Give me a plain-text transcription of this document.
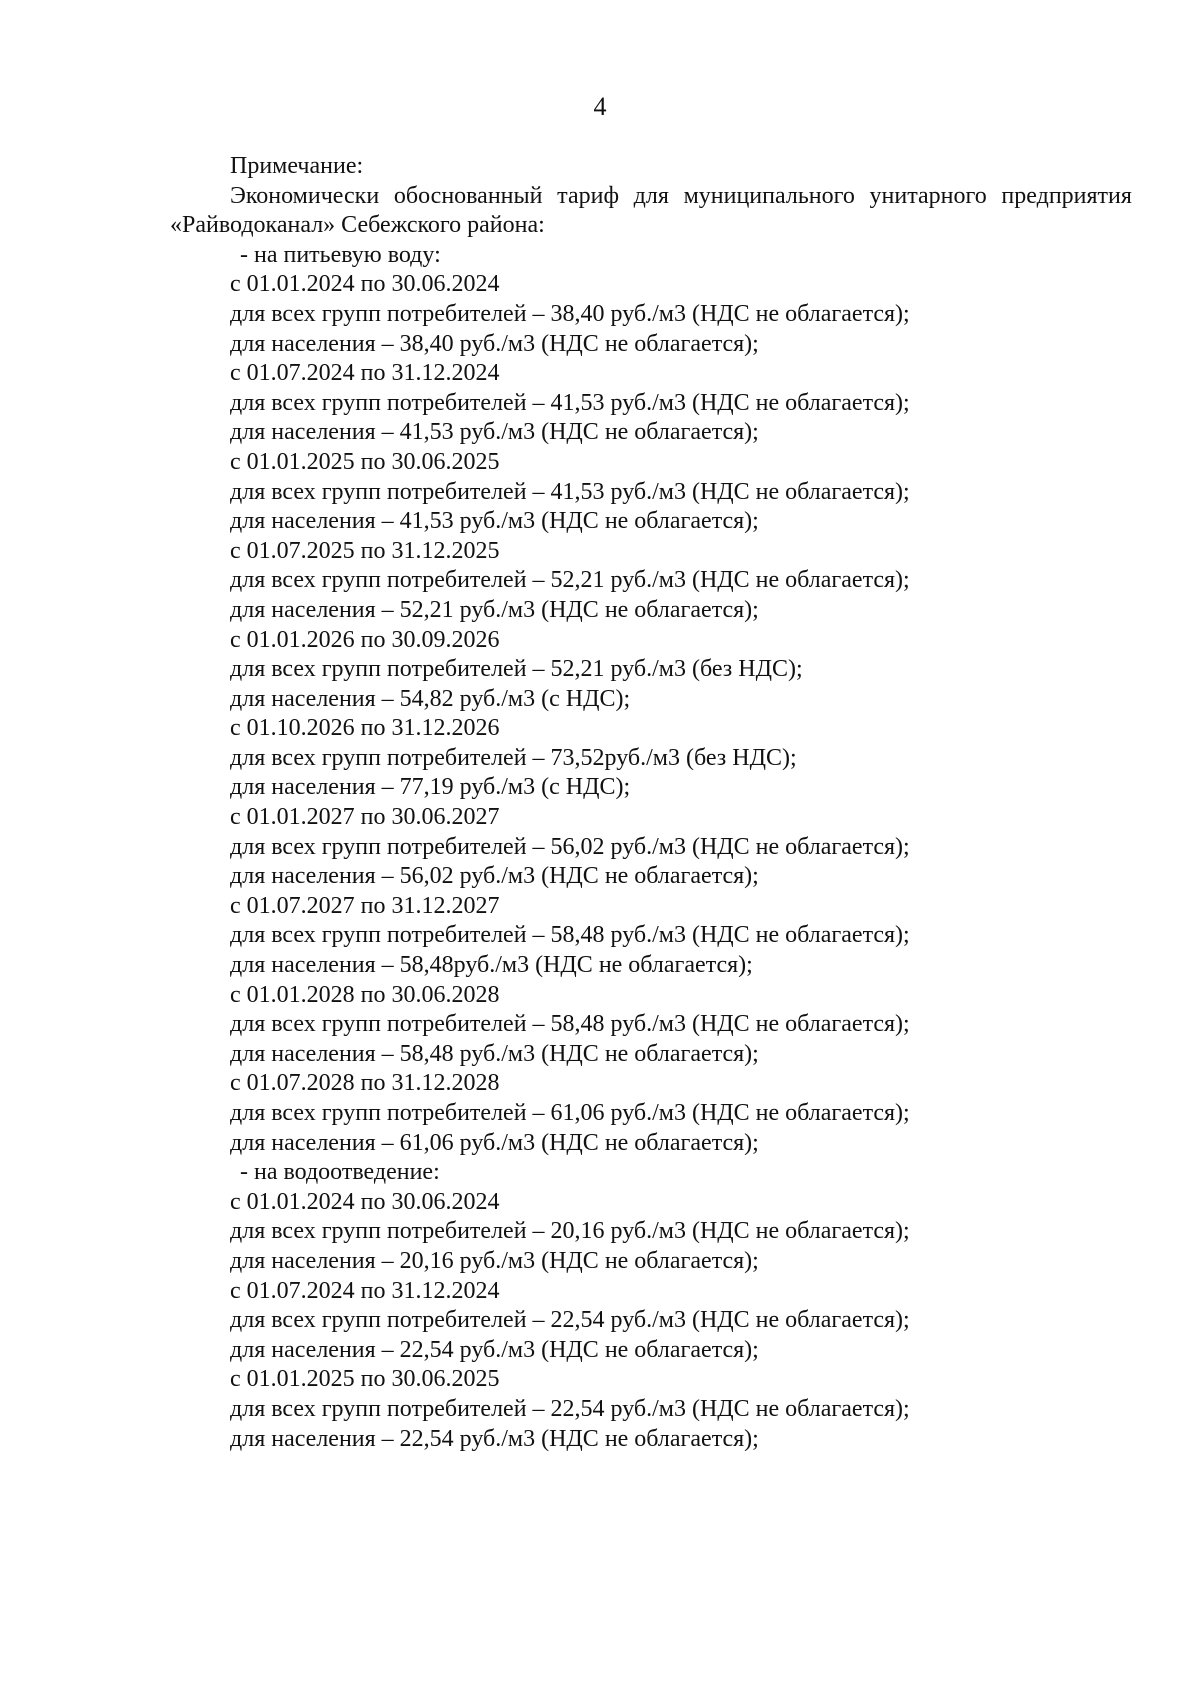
4
Примечание:
Экономически обоснованный тариф для муниципального унитарного предприятия
«Райводоканал» Себежского района:
- на питьевую воду:
с 01.01.2024 по 30.06.2024
для всех групп потребителей – 38,40 руб./м3 (НДС не облагается);
для населения – 38,40 руб./м3 (НДС не облагается);
с 01.07.2024 по 31.12.2024
для всех групп потребителей – 41,53 руб./м3 (НДС не облагается);
для населения – 41,53 руб./м3 (НДС не облагается);
с 01.01.2025 по 30.06.2025
для всех групп потребителей – 41,53 руб./м3 (НДС не облагается);
для населения – 41,53 руб./м3 (НДС не облагается);
с 01.07.2025 по 31.12.2025
для всех групп потребителей – 52,21 руб./м3 (НДС не облагается);
для населения – 52,21 руб./м3 (НДС не облагается);
с 01.01.2026 по 30.09.2026
для всех групп потребителей – 52,21 руб./м3 (без НДС);
для населения – 54,82 руб./м3 (с НДС);
с 01.10.2026 по 31.12.2026
для всех групп потребителей – 73,52руб./м3 (без НДС);
для населения – 77,19 руб./м3 (с НДС);
с 01.01.2027 по 30.06.2027
для всех групп потребителей – 56,02 руб./м3 (НДС не облагается);
для населения – 56,02 руб./м3 (НДС не облагается);
с 01.07.2027 по 31.12.2027
для всех групп потребителей – 58,48 руб./м3 (НДС не облагается);
для населения – 58,48руб./м3 (НДС не облагается);
с 01.01.2028 по 30.06.2028
для всех групп потребителей – 58,48 руб./м3 (НДС не облагается);
для населения – 58,48 руб./м3 (НДС не облагается);
с 01.07.2028 по 31.12.2028
для всех групп потребителей – 61,06 руб./м3 (НДС не облагается);
для населения – 61,06 руб./м3 (НДС не облагается);
- на водоотведение:
с 01.01.2024 по 30.06.2024
для всех групп потребителей – 20,16 руб./м3 (НДС не облагается);
для населения – 20,16 руб./м3 (НДС не облагается);
с 01.07.2024 по 31.12.2024
для всех групп потребителей – 22,54 руб./м3 (НДС не облагается);
для населения – 22,54 руб./м3 (НДС не облагается);
с 01.01.2025 по 30.06.2025
для всех групп потребителей – 22,54 руб./м3 (НДС не облагается);
для населения – 22,54 руб./м3 (НДС не облагается);
